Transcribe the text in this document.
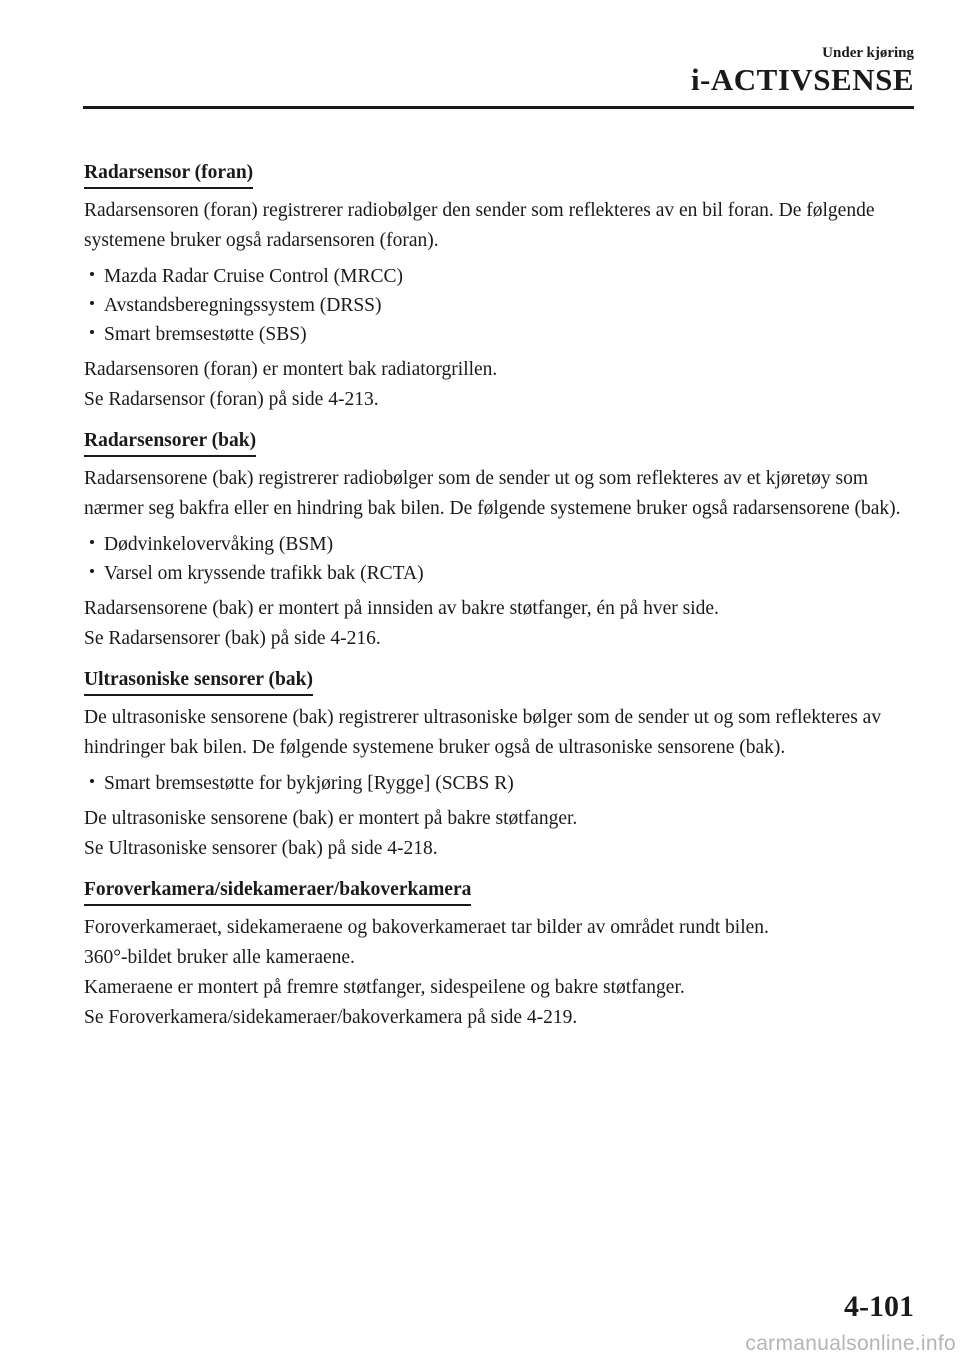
Under kjøring
i-ACTIVSENSE
Radarsensor (foran)

Radarsensoren (foran) registrerer radiobølger den sender som reflekteres av en bil foran. De følgende systemene bruker også radarsensoren (foran).

Mazda Radar Cruise Control (MRCC)
Avstandsberegningssystem (DRSS)
Smart bremsestøtte (SBS)

Radarsensoren (foran) er montert bak radiatorgrillen.

Se Radarsensor (foran) på side 4-213.

Radarsensorer (bak)

Radarsensorene (bak) registrerer radiobølger som de sender ut og som reflekteres av et kjøretøy som nærmer seg bakfra eller en hindring bak bilen. De følgende systemene bruker også radarsensorene (bak).

Dødvinkelovervåking (BSM)
Varsel om kryssende trafikk bak (RCTA)

Radarsensorene (bak) er montert på innsiden av bakre støtfanger, én på hver side.

Se Radarsensorer (bak) på side 4-216.

Ultrasoniske sensorer (bak)

De ultrasoniske sensorene (bak) registrerer ultrasoniske bølger som de sender ut og som reflekteres av hindringer bak bilen. De følgende systemene bruker også de ultrasoniske sensorene (bak).

Smart bremsestøtte for bykjøring [Rygge] (SCBS R)

De ultrasoniske sensorene (bak) er montert på bakre støtfanger.

Se Ultrasoniske sensorer (bak) på side 4-218.

Foroverkamera/sidekameraer/bakoverkamera

Foroverkameraet, sidekameraene og bakoverkameraet tar bilder av området rundt bilen.

360°-bildet bruker alle kameraene.

Kameraene er montert på fremre støtfanger, sidespeilene og bakre støtfanger.

Se Foroverkamera/sidekameraer/bakoverkamera på side 4-219.

4-101
carmanualsonline.info
